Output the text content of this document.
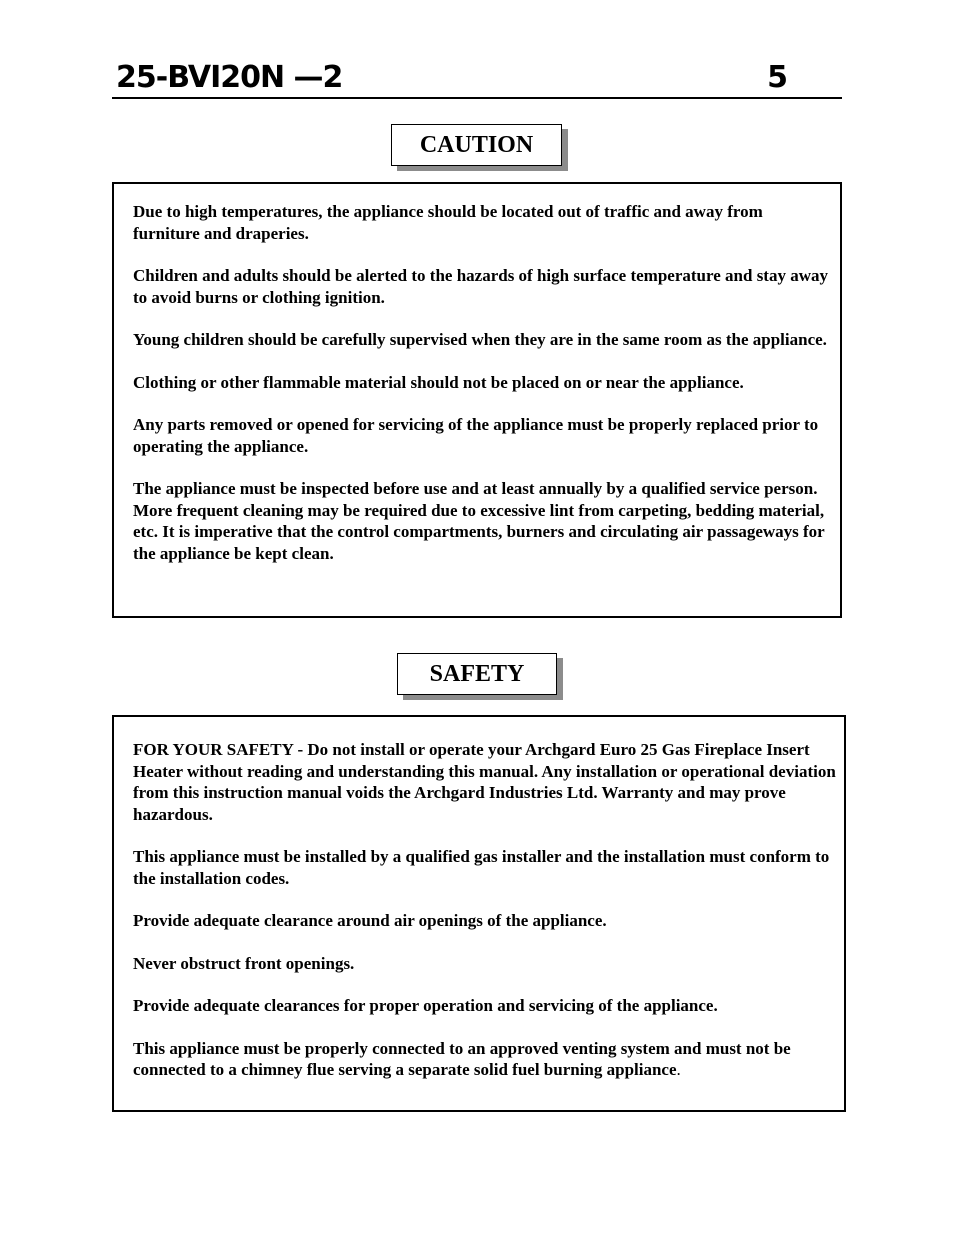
25-BVI20N —2	5
CAUTION

Due to high temperatures, the appliance should be located out of traffic and away from furniture and draperies.

Children and adults should be alerted to the hazards of high surface temperature and stay away to avoid burns or clothing ignition.

Young children should be carefully supervised when they are in the same room as the appliance.

Clothing or other flammable material should not be placed on or near the appliance.

Any parts removed or opened for servicing of the appliance must be properly replaced prior to operating the appliance.

The appliance must be inspected before use and at least annually by a qualified service person. More frequent cleaning may be required due to excessive lint from carpeting, bedding material, etc. It is imperative that the control compartments, burners and circulating air passageways for the appliance be kept clean.

SAFETY

FOR YOUR SAFETY - Do not install or operate your Archgard Euro 25 Gas Fireplace Insert Heater without reading and understanding this manual. Any installation or operational deviation from this instruction manual voids the Archgard Industries Ltd. Warranty and may prove hazardous.

This appliance must be installed by a qualified gas installer and the installation must conform to the installation codes.

Provide adequate clearance around air openings of the appliance.

Never obstruct front openings.

Provide adequate clearances for proper operation and servicing of the appliance.

This appliance must be properly connected to an approved venting system and must not be connected to a chimney flue serving a separate solid fuel burning appliance.
